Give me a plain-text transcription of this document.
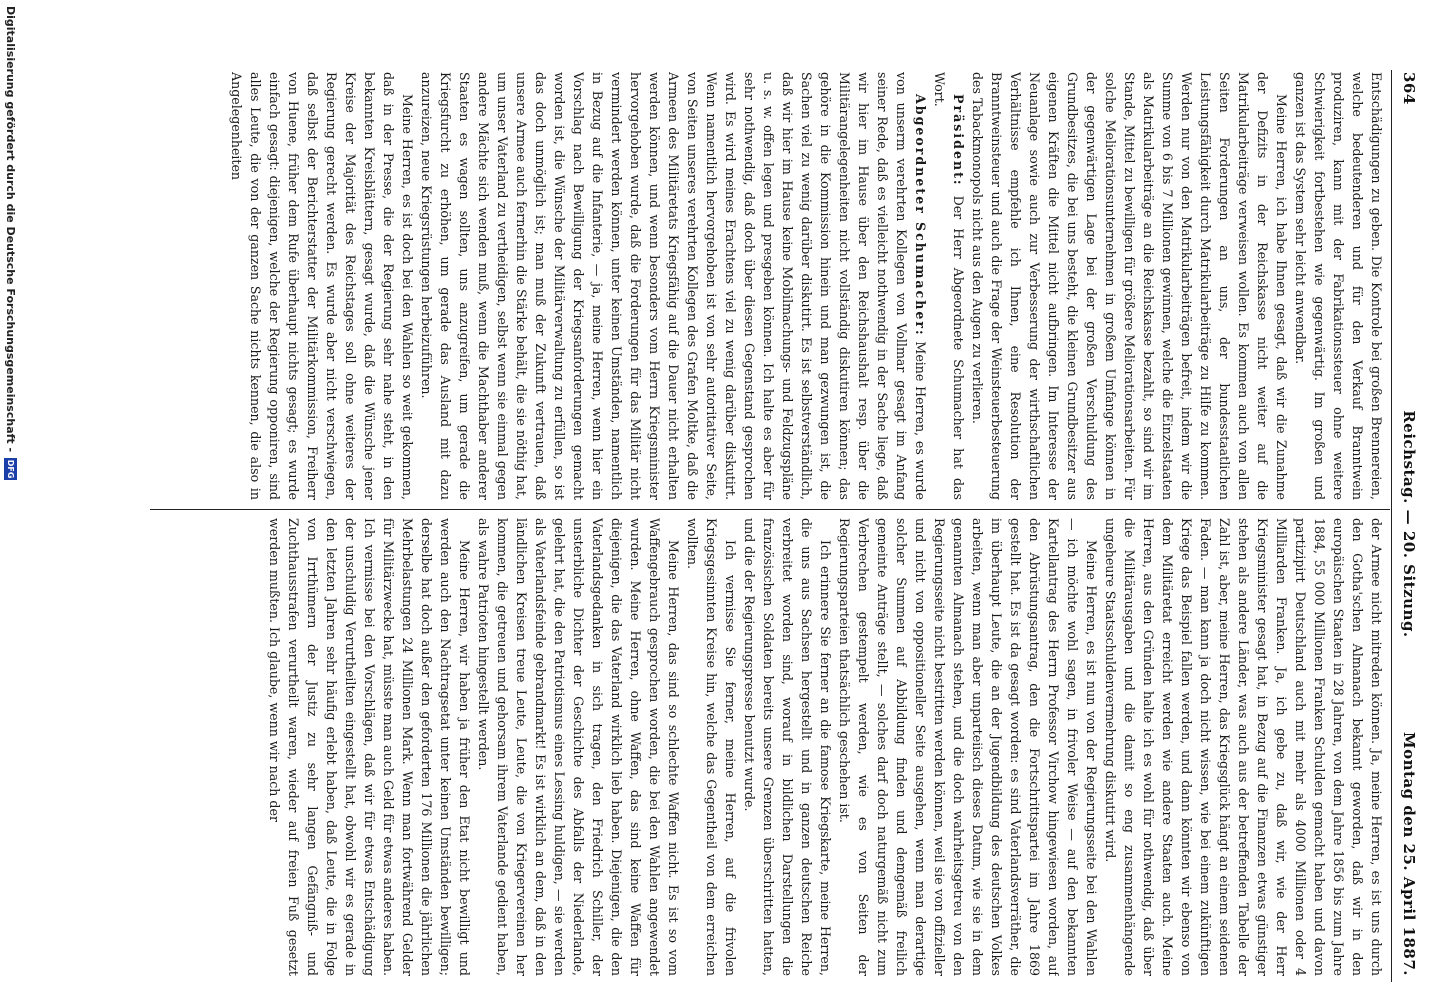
364
Reichstag. — 20. Sitzung.
Montag den 25. April 1887.

Entschädigungen zu geben. Die Kontrole bei großen Brennereien, welche bedeutenderen und für den Verkauf Branntwein produziren, kann mit der Fabrikationssteuer ohne weitere Schwierigkeit fortbestehen wie gegenwärtig. Im großen und ganzen ist das System sehr leicht anwendbar.

Meine Herren, ich habe Ihnen gesagt, daß wir die Zunahme der Defizits in der Reichskasse nicht weiter auf die Matrikularbeiträge verweisen wollen. Es kommen auch von allen Seiten Forderungen an uns, der bundesstaatlichen Leistungsfähigkeit durch Matrikularbeiträge zu Hilfe zu kommen. Werden nur von den Matrikularbeiträgen befreit, indem wir die Summe von 6 bis 7 Millionen gewinnen, welche die Einzelstaaten als Matrikularbeiträge an die Reichskasse bezahlt, so sind wir im Stande, Mittel zu bewilligen für größere Meliorationsarbeiten. Für solche Meliorationsunternehmen in großem Umfange können in der gegenwärtigen Lage bei der großen Verschuldung des Grundbesitzes, die bei uns besteht, die kleinen Grundbesitzer aus eigenen Kräften die Mittel nicht aufbringen. Im Interesse der Neuanlage sowie auch zur Verbesserung der wirthschaftlichen Verhältnisse empfehle ich Ihnen, eine Resolution der Branntweinsteuer und auch die Frage der Weinsteuerbesteuerung des Tabackmonopols nicht aus den Augen zu verlieren.

Präsident: Der Herr Abgeordnete Schumacher hat das Wort.

Abgeordneter Schumacher: Meine Herren, es wurde von unserm verehrten Kollegen von Vollmar gesagt im Anfang seiner Rede, daß es vielleicht nothwendig in der Sache liege, daß wir hier im Hause über den Reichshaushalt resp. über die Militärangelegenheiten nicht vollständig diskutiren können; das gehöre in die Kommission hinein und man gezwungen ist, die Sachen viel zu wenig darüber diskutirt. Es ist selbstverständlich, daß wir hier im Hause keine Mobilmachungs- und Feldzugspläne u. s. w. offen legen und presgeben können. Ich halte es aber für sehr nothwendig, daß doch über diesen Gegenstand gesprochen wird. Es wird meines Erachtens viel zu wenig darüber diskutirt. Wenn namentlich hervorgehoben ist von sehr autoritativer Seite, von Seiten unseres verehrten Kollegen des Grafen Moltke, daß die Armeen des Militäretats Kriegsfähig auf die Dauer nicht erhalten werden können, und wenn besonders vom Herrn Kriegsminister hervorgehoben wurde, daß die Forderungen für das Militär nicht vermindert werden können, unter keinen Umständen, namentlich in Bezug auf die Infanterie, — ja, meine Herren, wenn hier ein Vorschlag nach Bewilligung der Kriegsanforderungen gemacht worden ist, die Wünsche der Militärverwaltung zu erfüllen, so ist das doch unmöglich ist; man muß der Zukunft vertrauen, daß unsere Armee auch fernerhin die Stärke behält, die sie nöthig hat, um unser Vaterland zu vertheidigen, selbst wenn sie einmal gegen andere Mächte sich wenden muß, wenn die Machthaber anderer Staaten es wagen sollten, uns anzugreifen, um gerade die Kriegsfurcht zu erhöhen, um gerade das Ausland mit dazu anzureizen, neue Kriegsrüstungen herbeizuführen.

Meine Herren, es ist doch bei den Wahlen so weit gekommen, daß in der Presse, die der Regierung sehr nahe steht, in den bekannten Kreisblättern, gesagt wurde, daß die Wünsche jener Kreise der Majorität des Reichstages soll ohne weiteres der Regierung gerecht werden. Es wurde aber nicht verschwiegen, daß selbst der Berichterstatter der Militärkommission, Freiherr von Huene, früher dem Rufe überhaupt nichts gesagt; es wurde einfach gesagt: diejenigen, welche der Regierung opponiren, sind alles Leute, die von der ganzen Sache nichts kennen, die also in Angelegenheiten

der Armee nicht mitreden können. Ja, meine Herren, es ist uns durch den Gotha'schen Almanach bekannt geworden, daß wir in den europäischen Staaten in 28 Jahren, von dem Jahre 1856 bis zum Jahre 1884, 55 000 Millionen Franken Schulden gemacht haben und davon partizipirt Deutschland auch mit mehr als 4000 Millionen oder 4 Milliarden Franken. Ja, ich gebe zu, daß wir, wie der Herr Kriegsminister gesagt hat, in Bezug auf die Finanzen etwas günstiger stehen als andere Länder, was auch aus der betreffenden Tabelle der Zahl ist, aber, meine Herren, das Kriegsglück hängt an einem seidenen Faden. — man kann ja doch nicht wissen, wie bei einem zukünftigen Kriege das Beispiel fallen werden, und dann könnten wir ebenso von dem Militäretat erreicht werden wie andere Staaten auch. Meine Herren, aus den Gründen halte ich es wohl für nothwendig, daß über die Militärausgaben und die damit so eng zusammenhängende ungeheure Staatsschuldenvermehrung diskutirt wird.

Meine Herren, es ist nun von der Regierungsseite bei den Wahlen — ich möchte wohl sagen, in frivoler Weise — auf den bekannten Kartellantrag des Herrn Professor Virchow hingewiesen worden, auf den Abrüstungsantrag, den die Fortschrittspartei im Jahre 1869 gestellt hat. Es ist da gesagt worden: es sind Vaterlandsverräther, die im überhaupt Leute, die an der Jugendbildung des deutschen Volkes arbeiten, wenn man aber unparteiisch dieses Datum, wie sie in dem genannten Almanach stehen, und die doch wahrheitsgetreu von den Regierungsseite nicht bestritten werden können, weil sie von offizieller und nicht von oppositioneller Seite ausgehen, wenn man derartige solcher Summen auf Abbildung finden und demgemäß freilich gemeinte Anträge stellt, — solches darf doch naturgemäß nicht zum Verbrechen gestempelt werden, wie es von Seiten der Regierungsparteien thatsächlich geschehen ist.

Ich erinnere Sie ferner an die famose Kriegskarte, meine Herren, die uns aus Sachsen hergestellt und in ganzen deutschen Reiche verbreitet worden sind, worauf in bildlichen Darstellungen die französischen Soldaten bereits unsere Grenzen überschritten hatten, und die der Regierungspresse benutzt wurde.

Ich vermisse Sie ferner, meine Herren, auf die frivolen Kriegsgesinnten Kreise hin, welche das Gegentheil von dem erreichen wollten.

Meine Herren, das sind so schlechte Waffen nicht. Es ist so vom Waffengebrauch gesprochen worden, die bei den Wahlen angewendet wurden. Meine Herren, ohne Waffen, das sind keine Waffen für diejenigen, die das Vaterland wirklich lieb haben. Diejenigen, die den Vaterlandsgedanken in sich tragen, den Friedrich Schiller, der unsterbliche Dichter der Geschichte des Abfalls der Niederlande, gelehrt hat, die den Patriotismus eines Lessing huldigen, — sie werden als Vaterlandsfeinde gebrandmarkt! Es ist wirklich an dem, daß in den ländlichen Kreisen treue Leute, Leute, die von Kriegervereinen her kommen, die getreuen und gehorsam ihrem Vaterlande gedient haben, als wahre Patrioten hingestellt werden.

Meine Herren, wir haben ja früher den Etat nicht bewilligt und werden auch den Nachtragsetat unter keinen Umständen bewilligen; derselbe hat doch außer den geforderten 176 Millionen die jährlichen Mehrbelastungen 24 Millionen Mark. Wenn man fortwährend Gelder für Militärzwecke hat, müsste man auch Geld für etwas anderes haben. Ich vermisse bei den Vorschlägen, daß wir für etwas Entschädigung der unschuldig Verurtheilten eingestellt hat, obwohl wir es gerade in den letzten Jahren sehr häufig erlebt haben, daß Leute, die in Folge von Irrthümern der Justiz zu sehr langen Gefängniß- und Zuchthausstrafen verurtheilt waren, wieder auf freien Fuß gesetzt werden mußten. Ich glaube, wenn wir nach der

Digitalisierung gefördert durch die Deutsche Forschungsgemeinschaft -
DFG
